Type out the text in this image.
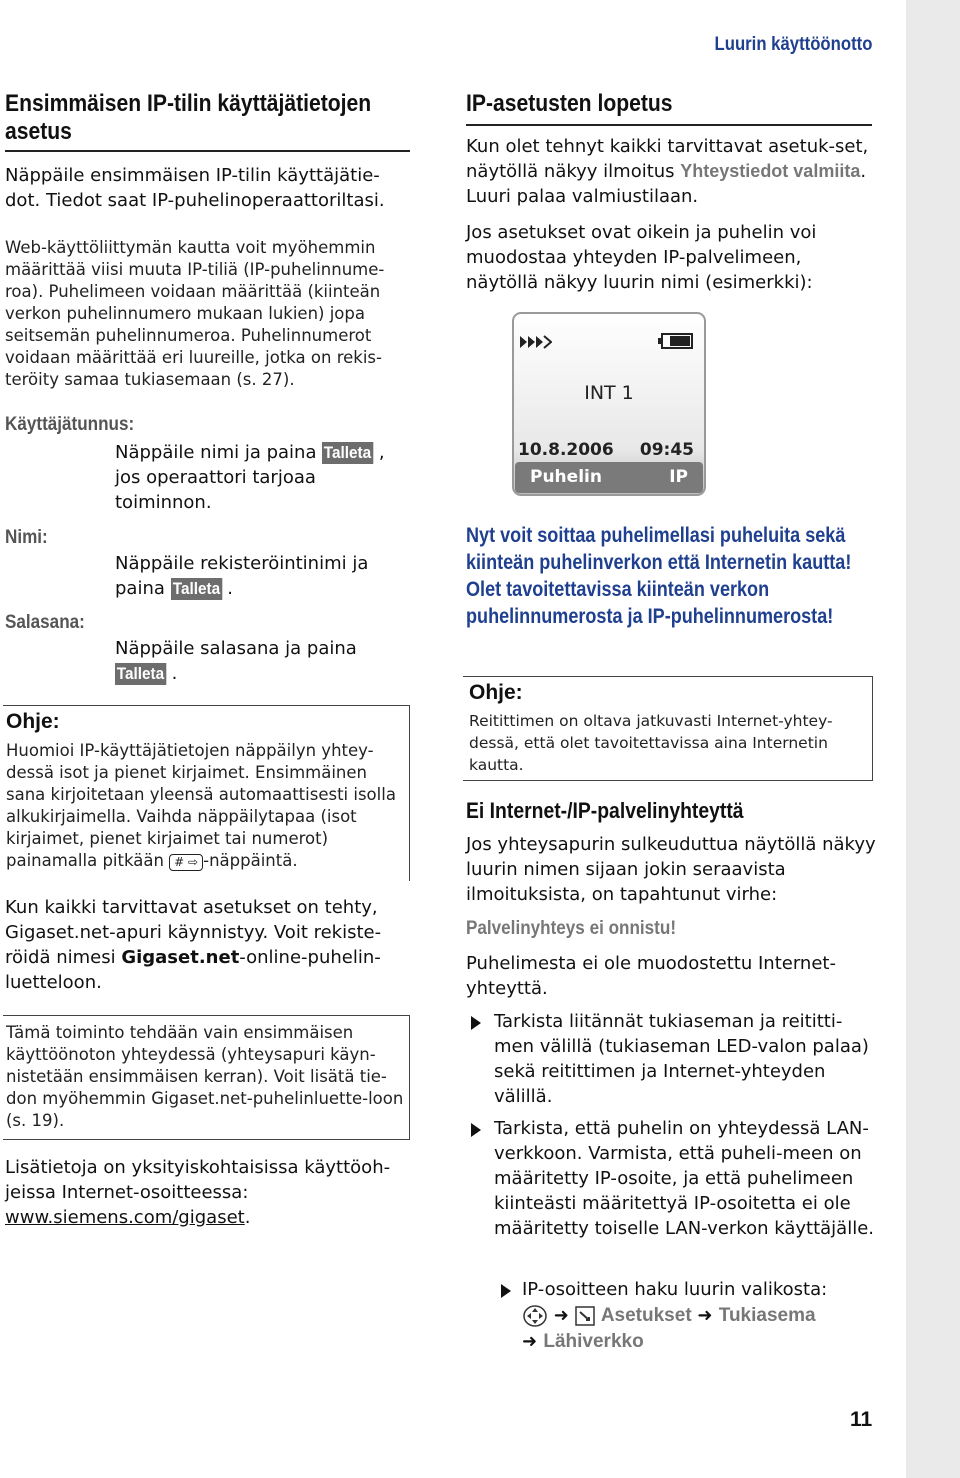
Luurin käyttöönotto
Ensimmäisen IP-tilin käyttäjätietojen asetus
Näppäile ensimmäisen IP-tilin käyttäjätie-dot. Tiedot saat IP-puhelinoperaattoriltasi.
Web-käyttöliittymän kautta voit myöhemmin määrittää viisi muuta IP-tiliä (IP-puhelinnume-roa). Puhelimeen voidaan määrittää (kiinteän verkon puhelinnumero mukaan lukien) jopa seitsemän puhelinnumeroa. Puhelinnumerot voidaan määrittää eri luureille, jotka on rekis-teröity samaa tukiasemaan (s. 27).
Käyttäjätunnus:
Näppäile nimi ja paina Talleta , jos operaattori tarjoaa toiminnon.
Nimi:
Näppäile rekisteröintinimi ja paina Talleta .
Salasana:
Näppäile salasana ja paina Talleta .
Ohje:
Huomioi IP-käyttäjätietojen näppäilyn yhtey-dessä isot ja pienet kirjaimet. Ensimmäinen sana kirjoitetaan yleensä automaattisesti isolla alkukirjaimella. Vaihda näppäilytapaa (isot kirjaimet, pienet kirjaimet tai numerot) painamalla pitkään # ⇨ -näppäintä.
Kun kaikki tarvittavat asetukset on tehty, Gigaset.net-apuri käynnistyy. Voit rekiste-röidä nimesi Gigaset.net-online-puhelin-luetteloon.
Tämä toiminto tehdään vain ensimmäisen käyttöönoton yhteydessä (yhteysapuri käyn-nistetään ensimmäisen kerran). Voit lisätä tie-don myöhemmin Gigaset.net-puhelinluette-loon (s. 19).
Lisätietoja on yksityiskohtaisissa käyttöoh-jeissa Internet-osoitteessa:
www.siemens.com/gigaset.
IP-asetusten lopetus
Kun olet tehnyt kaikki tarvittavat asetuk-set, näytöllä näkyy ilmoitus Yhteystiedot valmiita. Luuri palaa valmiustilaan.
Jos asetukset ovat oikein ja puhelin voi muodostaa yhteyden IP-palvelimeen, näytöllä näkyy luurin nimi (esimerkki):
INT 1
10.8.2006 09:45
Puhelin	IP
Nyt voit soittaa puhelimellasi puheluita sekä kiinteän puhelinverkon että Internetin kautta! Olet tavoitettavissa kiinteän verkon puhelinnumerosta ja IP-puhelinnumerosta!
Ohje:
Reitittimen on oltava jatkuvasti Internet-yhtey-dessä, että olet tavoitettavissa aina Internetin kautta.
Ei Internet-/IP-palvelinyhteyttä
Jos yhteysapurin sulkeuduttua näytöllä näkyy luurin nimen sijaan jokin seraavista ilmoituksista, on tapahtunut virhe:
Palvelinyhteys ei onnistu!
Puhelimesta ei ole muodostettu Internet-yhteyttä.
Tarkista liitännät tukiaseman ja reititti-men välillä (tukiaseman LED-valon palaa) sekä reitittimen ja Internet-yhteyden välillä.
Tarkista, että puhelin on yhteydessä LAN-verkkoon. Varmista, että puheli-meen on määritetty IP-osoite, ja että puhelimeen kiinteästi määritettyä IP-osoitetta ei ole määritetty toiselle LAN-verkon käyttäjälle.
IP-osoitteen haku luurin valikosta:
➜  Asetukset ➜ Tukiasema
➜ Lähiverkko
11
